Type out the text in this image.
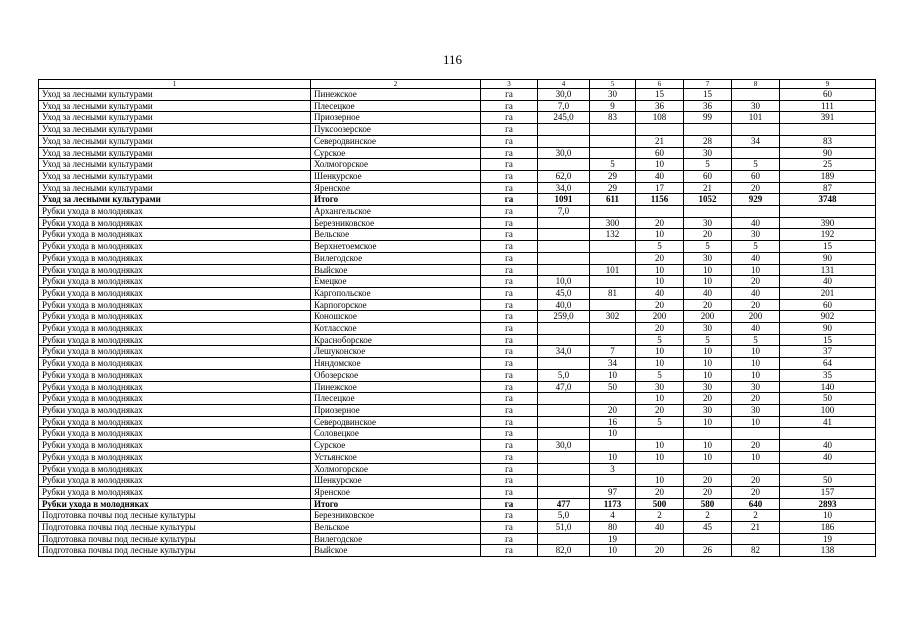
116
1	2	3	4	5	6	7	8	9
Уход за лесными культурами	Пинежское	га	30,0	30	15	15		60
Уход за лесными культурами	Плесецкое	га	7,0	9	36	36	30	111
Уход за лесными культурами	Приозерное	га	245,0	83	108	99	101	391
Уход за лесными культурами	Пукcоозерское	га						
Уход за лесными культурами	Северодвинское	га			21	28	34	83
Уход за лесными культурами	Сурское	га	30,0		60	30		90
Уход за лесными культурами	Холмогорское	га		5	10	5	5	25
Уход за лесными культурами	Шенкурское	га	62,0	29	40	60	60	189
Уход за лесными культурами	Яренское	га	34,0	29	17	21	20	87
Уход за лесными культурами	Итого	га	1091	611	1156	1052	929	3748
Рубки ухода в молодняках	Архангельское	га	7,0					
Рубки ухода в молодняках	Березниковское	га		300	20	30	40	390
Рубки ухода в молодняках	Вельское	га		132	10	20	30	192
Рубки ухода в молодняках	Верхнетоемское	га			5	5	5	15
Рубки ухода в молодняках	Вилегодское	га			20	30	40	90
Рубки ухода в молодняках	Выйское	га		101	10	10	10	131
Рубки ухода в молодняках	Емецкое	га	10,0		10	10	20	40
Рубки ухода в молодняках	Каргопольское	га	45,0	81	40	40	40	201
Рубки ухода в молодняках	Карпогорское	га	40,0		20	20	20	60
Рубки ухода в молодняках	Коношское	га	259,0	302	200	200	200	902
Рубки ухода в молодняках	Котласское	га			20	30	40	90
Рубки ухода в молодняках	Красноборское	га			5	5	5	15
Рубки ухода в молодняках	Лешуконское	га	34,0	7	10	10	10	37
Рубки ухода в молодняках	Няндомское	га		34	10	10	10	64
Рубки ухода в молодняках	Обозерское	га	5,0	10	5	10	10	35
Рубки ухода в молодняках	Пинежское	га	47,0	50	30	30	30	140
Рубки ухода в молодняках	Плесецкое	га			10	20	20	50
Рубки ухода в молодняках	Приозерное	га		20	20	30	30	100
Рубки ухода в молодняках	Северодвинское	га		16	5	10	10	41
Рубки ухода в молодняках	Соловецкое	га		10				
Рубки ухода в молодняках	Сурское	га	30,0		10	10	20	40
Рубки ухода в молодняках	Устьянское	га		10	10	10	10	40
Рубки ухода в молодняках	Холмогорское	га		3				
Рубки ухода в молодняках	Шенкурское	га			10	20	20	50
Рубки ухода в молодняках	Яренское	га		97	20	20	20	157
Рубки ухода в молодняках	Итого	га	477	1173	500	580	640	2893
Подготовка почвы под лесные культуры	Березниковское	га	5,0	4	2	2	2	10
Подготовка почвы под лесные культуры	Вельское	га	51,0	80	40	45	21	186
Подготовка почвы под лесные культуры	Вилегодское	га		19				19
Подготовка почвы под лесные культуры	Выйское	га	82,0	10	20	26	82	138
